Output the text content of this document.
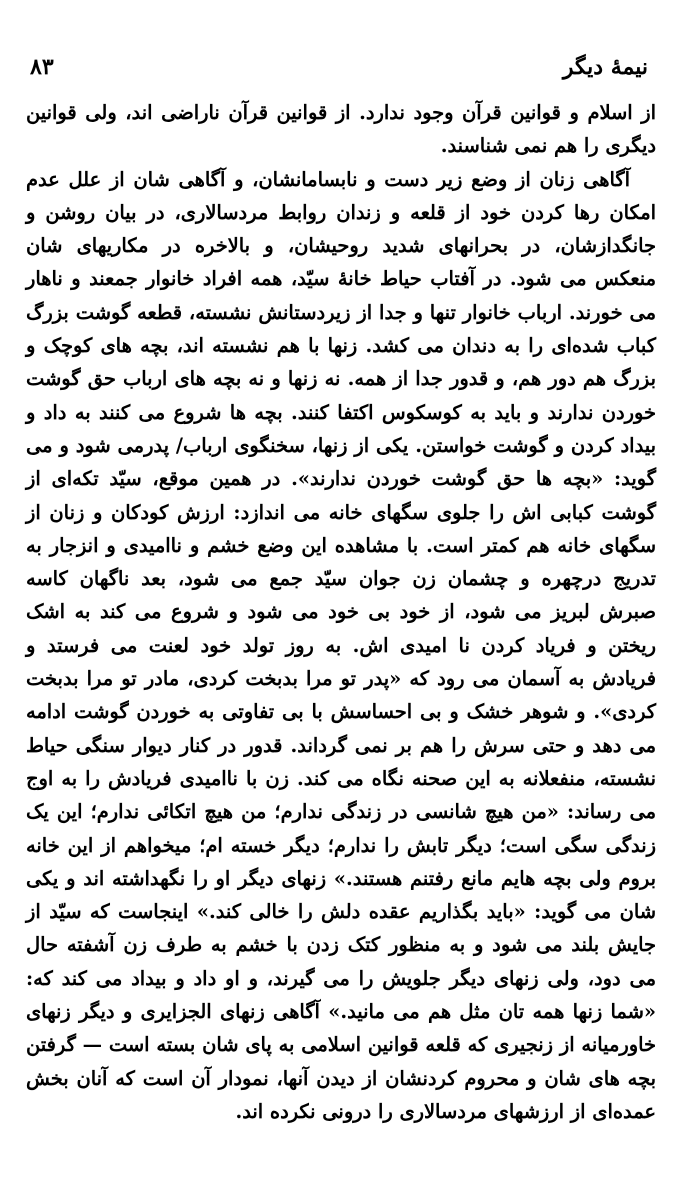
نیمهٔ دیگر
۸۳

از اسلام و قوانین قرآن وجود ندارد. از قوانین قرآن ناراضی اند، ولی قوانین دیگری را هم نمی شناسند.

آگاهی زنان از وضع زیر دست و نابسامانشان، و آگاهی شان از علل عدم امکان رها کردن خود از قلعه و زندان روابط مردسالاری، در بیان روشن و جانگدازشان، در بحرانهای شدید روحیشان، و بالاخره در مکاریهای شان منعکس می شود. در آفتاب حیاط خانهٔ سیّد، همه افراد خانوار جمعند و ناهار می خورند. ارباب خانوار تنها و جدا از زیردستانش نشسته، قطعه گوشت بزرگ کباب شده‌ای را به دندان می کشد. زنها با هم نشسته اند، بچه های کوچک و بزرگ هم دور هم، و قدور جدا از همه. نه زنها و نه بچه های ارباب حق گوشت خوردن ندارند و باید به کوسکوس اکتفا کنند. بچه ها شروع می کنند به داد و بیداد کردن و گوشت خواستن. یکی از زنها، سخنگوی ارباب/ پدرمی شود و می گوید: «بچه ها حق گوشت خوردن ندارند». در همین موقع، سیّد تکه‌ای از گوشت کبابی اش را جلوی سگهای خانه می اندازد: ارزش کودکان و زنان از سگهای خانه هم کمتر است. با مشاهده این وضع خشم و ناامیدی و انزجار به تدریج درچهره و چشمان زن جوان سیّد جمع می شود، بعد ناگهان کاسه صبرش لبریز می شود، از خود بی خود می شود و شروع می کند به اشک ریختن و فریاد کردن نا امیدی اش. به روز تولد خود لعنت می فرستد و فریادش به آسمان می رود که «پدر تو مرا بدبخت کردی، مادر تو مرا بدبخت کردی». و شوهر خشک و بی احساسش با بی تفاوتی به خوردن گوشت ادامه می دهد و حتی سرش را هم بر نمی گرداند. قدور در کنار دیوار سنگی حیاط نشسته، منفعلانه به این صحنه نگاه می کند. زن با ناامیدی فریادش را به اوج می رساند: «من هیچ شانسی در زندگی ندارم؛ من هیچ اتکائی ندارم؛ این یک زندگی سگی است؛ دیگر تابش را ندارم؛ دیگر خسته ام؛ میخواهم از این خانه بروم ولی بچه هایم مانع رفتنم هستند.» زنهای دیگر او را نگهداشته اند و یکی شان می گوید: «باید بگذاریم عقده دلش را خالی کند.» اینجاست که سیّد از جایش بلند می شود و به منظور کتک زدن با خشم به طرف زن آشفته حال می دود، ولی زنهای دیگر جلویش را می گیرند، و او داد و بیداد می کند که: «شما زنها همه تان مثل هم می مانید.» آگاهی زنهای الجزایری و دیگر زنهای خاورمیانه از زنجیری که قلعه قوانین اسلامی به پای شان بسته است — گرفتن بچه های شان و محروم کردنشان از دیدن آنها، نمودار آن است که آنان بخش عمده‌ای از ارزشهای مردسالاری را درونی نکرده اند.
